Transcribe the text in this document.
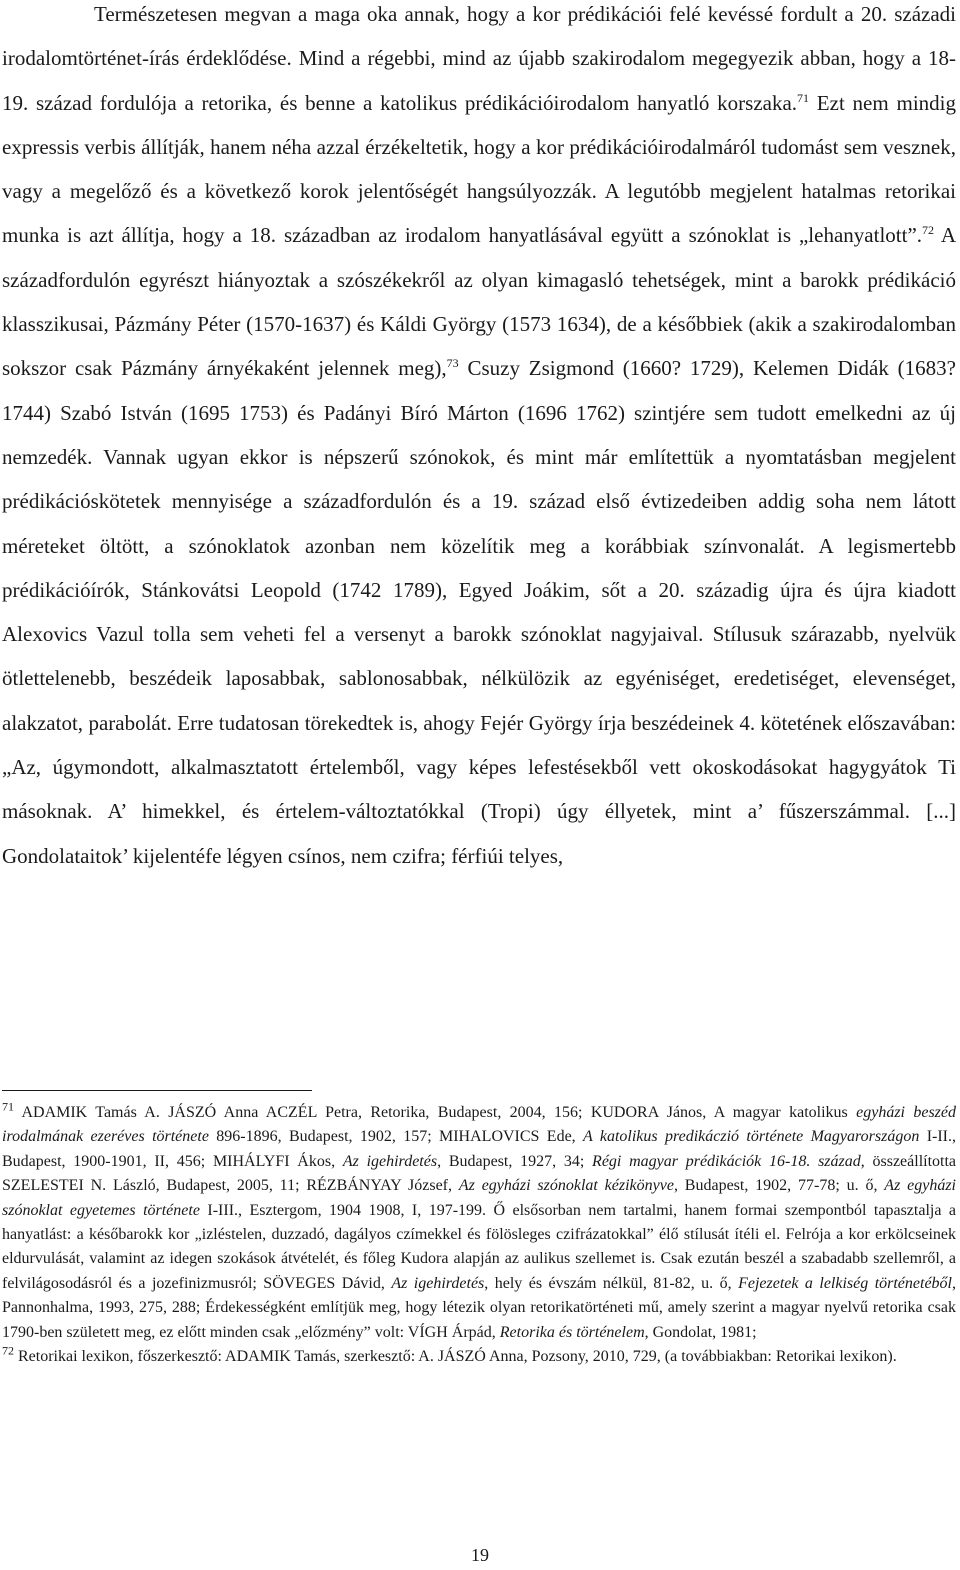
Természetesen megvan a maga oka annak, hogy a kor prédikációi felé kevéssé fordult a 20. századi irodalomtörténet-írás érdeklődése. Mind a régebbi, mind az újabb szakirodalom megegyezik abban, hogy a 18-19. század fordulója a retorika, és benne a katolikus prédikációirodalom hanyatló korszaka.$^{71}$ Ezt nem mindig expressis verbis állítják, hanem néha azzal érzékeltetik, hogy a kor prédikációirodalmáról tudomást sem vesznek, vagy a megelőző és a következő korok jelentőségét hangsúlyozzák. A legutóbb megjelent hatalmas retorikai munka is azt állítja, hogy a 18. században az irodalom hanyatlásával együtt a szónoklat is „lehanyatlott”.$^{72}$ A századfordulón egyrészt hiányoztak a szószékekről az olyan kimagasló tehetségek, mint a barokk prédikáció klasszikusai, Pázmány Péter (1570-1637) és Káldi György (1573 1634), de a későbbiek (akik a szakirodalomban sokszor csak Pázmány árnyékaként jelennek meg),$^{73}$ Csuzy Zsigmond (1660? 1729), Kelemen Didák (1683? 1744) Szabó István (1695 1753) és Padányi Bíró Márton (1696 1762) szintjére sem tudott emelkedni az új nemzedék. Vannak ugyan ekkor is népszerű szónokok, és mint már említettük a nyomtatásban megjelent prédikációskötetek mennyisége a századfordulón és a 19. század első évtizedeiben addig soha nem látott méreteket öltött, a szónoklatok azonban nem közelítik meg a korábbiak színvonalát. A legismertebb prédikációírók, Stánkovátsi Leopold (1742 1789), Egyed Joákim, sőt a 20. századig újra és újra kiadott Alexovics Vazul tolla sem veheti fel a versenyt a barokk szónoklat nagyjaival. Stílusuk szárazabb, nyelvük ötlettelenebb, beszédeik laposabbak, sablonosabbak, nélkülözik az egyéniséget, eredetiséget, elevenséget, alakzatot, parabolát. Erre tudatosan törekedtek is, ahogy Fejér György írja beszédeinek 4. kötetének előszavában: „Az, úgymondott, alkalmasztatott értelemből, vagy képes lefestésekből vett okoskodásokat hagygyátok Ti másoknak. A’ himekkel, és értelem-változtatókkal (Tropi) úgy éllyetek, mint a’ fűszerszámmal. [...] Gondolataitok’ kijelentéfe légyen csínos, nem czifra; férfiúi telyes,

$^{71}$ ADAMIK Tamás A. JÁSZÓ Anna ACZÉL Petra, Retorika, Budapest, 2004, 156; KUDORA János, A magyar katolikus egyházi beszéd irodalmának ezeréves története 896-1896, Budapest, 1902, 157; MIHALOVICS Ede, A katolikus predikáczió története Magyarországon I-II., Budapest, 1900-1901, II, 456; MIHÁLYFI Ákos, Az igehirdetés, Budapest, 1927, 34; Régi magyar prédikációk 16-18. század, összeállította SZELESTEI N. László, Budapest, 2005, 11; RÉZBÁNYAY József, Az egyházi szónoklat kézikönyve, Budapest, 1902, 77-78; u. ő, Az egyházi szónoklat egyetemes története I-III., Esztergom, 1904 1908, I, 197-199. Ő elsősorban nem tartalmi, hanem formai szempontból tapasztalja a hanyatlást: a későbarokk kor „izléstelen, duzzadó, dagályos czímekkel és fölösleges czifrázatokkal” élő stílusát ítéli el. Felrója a kor erkölcseinek eldurvulását, valamint az idegen szokások átvételét, és főleg Kudora alapján az aulikus szellemet is. Csak ezután beszél a szabadabb szellemről, a felvilágosodásról és a jozefinizmusról; SÖVEGES Dávid, Az igehirdetés, hely és évszám nélkül, 81-82, u. ő, Fejezetek a lelkiség történetéből, Pannonhalma, 1993, 275, 288; Érdekességként említjük meg, hogy létezik olyan retorikatörténeti mű, amely szerint a magyar nyelvű retorika csak 1790-ben született meg, ez előtt minden csak „előzmény” volt: VÍGH Árpád, Retorika és történelem, Gondolat, 1981;

$^{72}$ Retorikai lexikon, főszerkesztő: ADAMIK Tamás, szerkesztő: A. JÁSZÓ Anna, Pozsony, 2010, 729, (a továbbiakban: Retorikai lexikon).

19
